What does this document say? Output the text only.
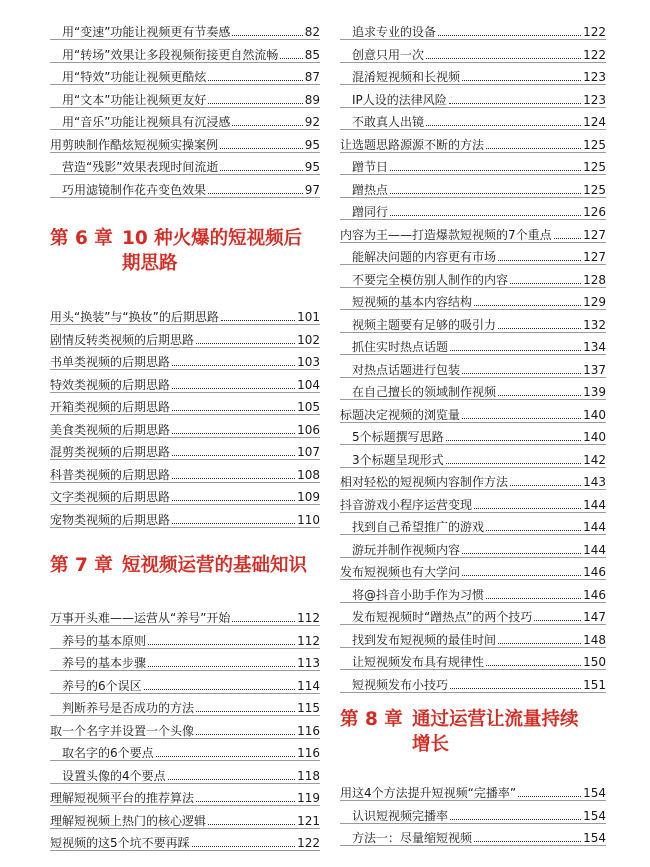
第 6 章 10 种火爆的短视频后
期思路
第 7 章 短视频运营的基础知识
用“变速”功能让视频更有节奏感	82
用“转场”效果让多段视频衔接更自然流畅 85
用“特效”功能让视频更酷炫	87
用“文本”功能让视频更友好	89
用“音乐”功能让视频具有沉浸感	92
用剪映制作酷炫短视频实操案例	95
营造“残影”效果表现时间流逝	95
巧用滤镜制作花卉变色效果	97
用头“换装”与“换妆”的后期思路	101
剧情反转类视频的后期思路	102
书单类视频的后期思路	103
特效类视频的后期思路	104
开箱类视频的后期思路	105
美食类视频的后期思路	106
混剪类视频的后期思路	107
科普类视频的后期思路	108
文字类视频的后期思路	109
宠物类视频的后期思路	110
万事开头难——运营从“养号”开始	112
养号的基本原则	112
养号的基本步骤	113
养号的6个误区	114
判断养号是否成功的方法	115
取一个名字并设置一个头像	116
取名字的6个要点	116
设置头像的4个要点	118
理解短视频平台的推荐算法	119
理解短视频上热门的核心逻辑	121
短视频的这5个坑不要再踩	122
第 8 章 通过运营让流量持续
增长
追求专业的设备	122
创意只用一次	122
混淆短视频和长视频	123
IP人设的法律风险	123
不敢真人出镜	124
让选题思路源源不断的方法	125
蹭节日	125
蹭热点	125
蹭同行	126
内容为王——打造爆款短视频的7个重点	127
能解决问题的内容更有市场	127
不要完全模仿别人制作的内容	128
短视频的基本内容结构	129
视频主题要有足够的吸引力	132
抓住实时热点话题	134
对热点话题进行包装	137
在自己擅长的领域制作视频	139
标题决定视频的浏览量	140
5个标题撰写思路	140
3个标题呈现形式	142
相对轻松的短视频内容制作方法	143
抖音游戏小程序运营变现	144
找到自己希望推广的游戏	144
游玩并制作视频内容	144
发布短视频也有大学问	146
将@抖音小助手作为习惯	146
发布短视频时“蹭热点”的两个技巧	147
找到发布短视频的最佳时间	148
让短视频发布具有规律性	150
短视频发布小技巧	151
用这4个方法提升短视频“完播率”	154
认识短视频完播率	154
方法一：尽量缩短视频	154
